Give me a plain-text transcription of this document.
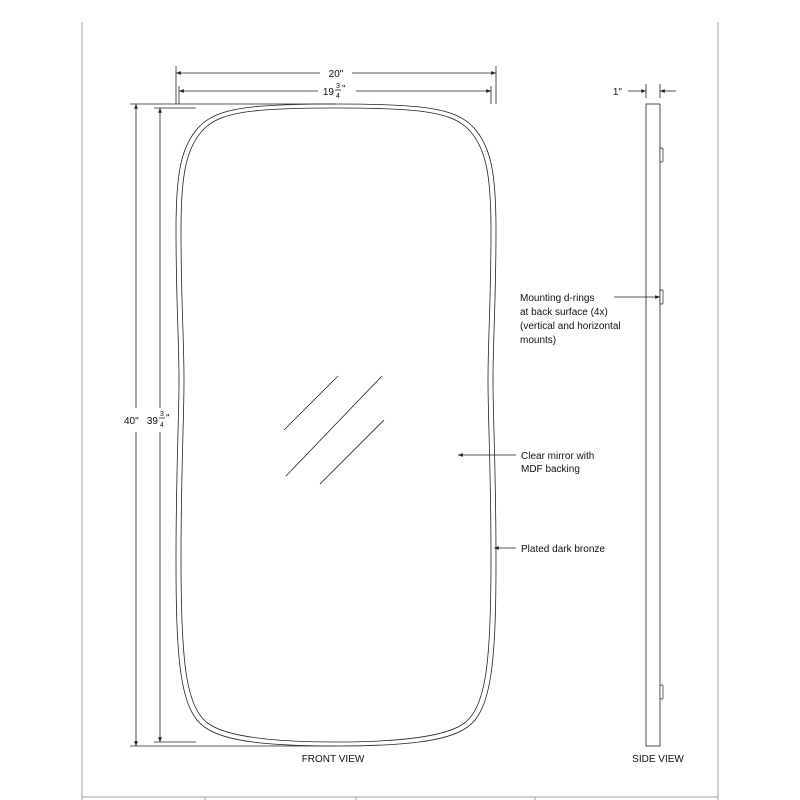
20"
19
3
4
"
40" 39
3
4
"
FRONT VIEW
1"
SIDE VIEW
Mounting d-rings
at back surface (4x)
(vertical and horizontal
mounts)
Clear mirror with
MDF backing
Plated dark bronze
